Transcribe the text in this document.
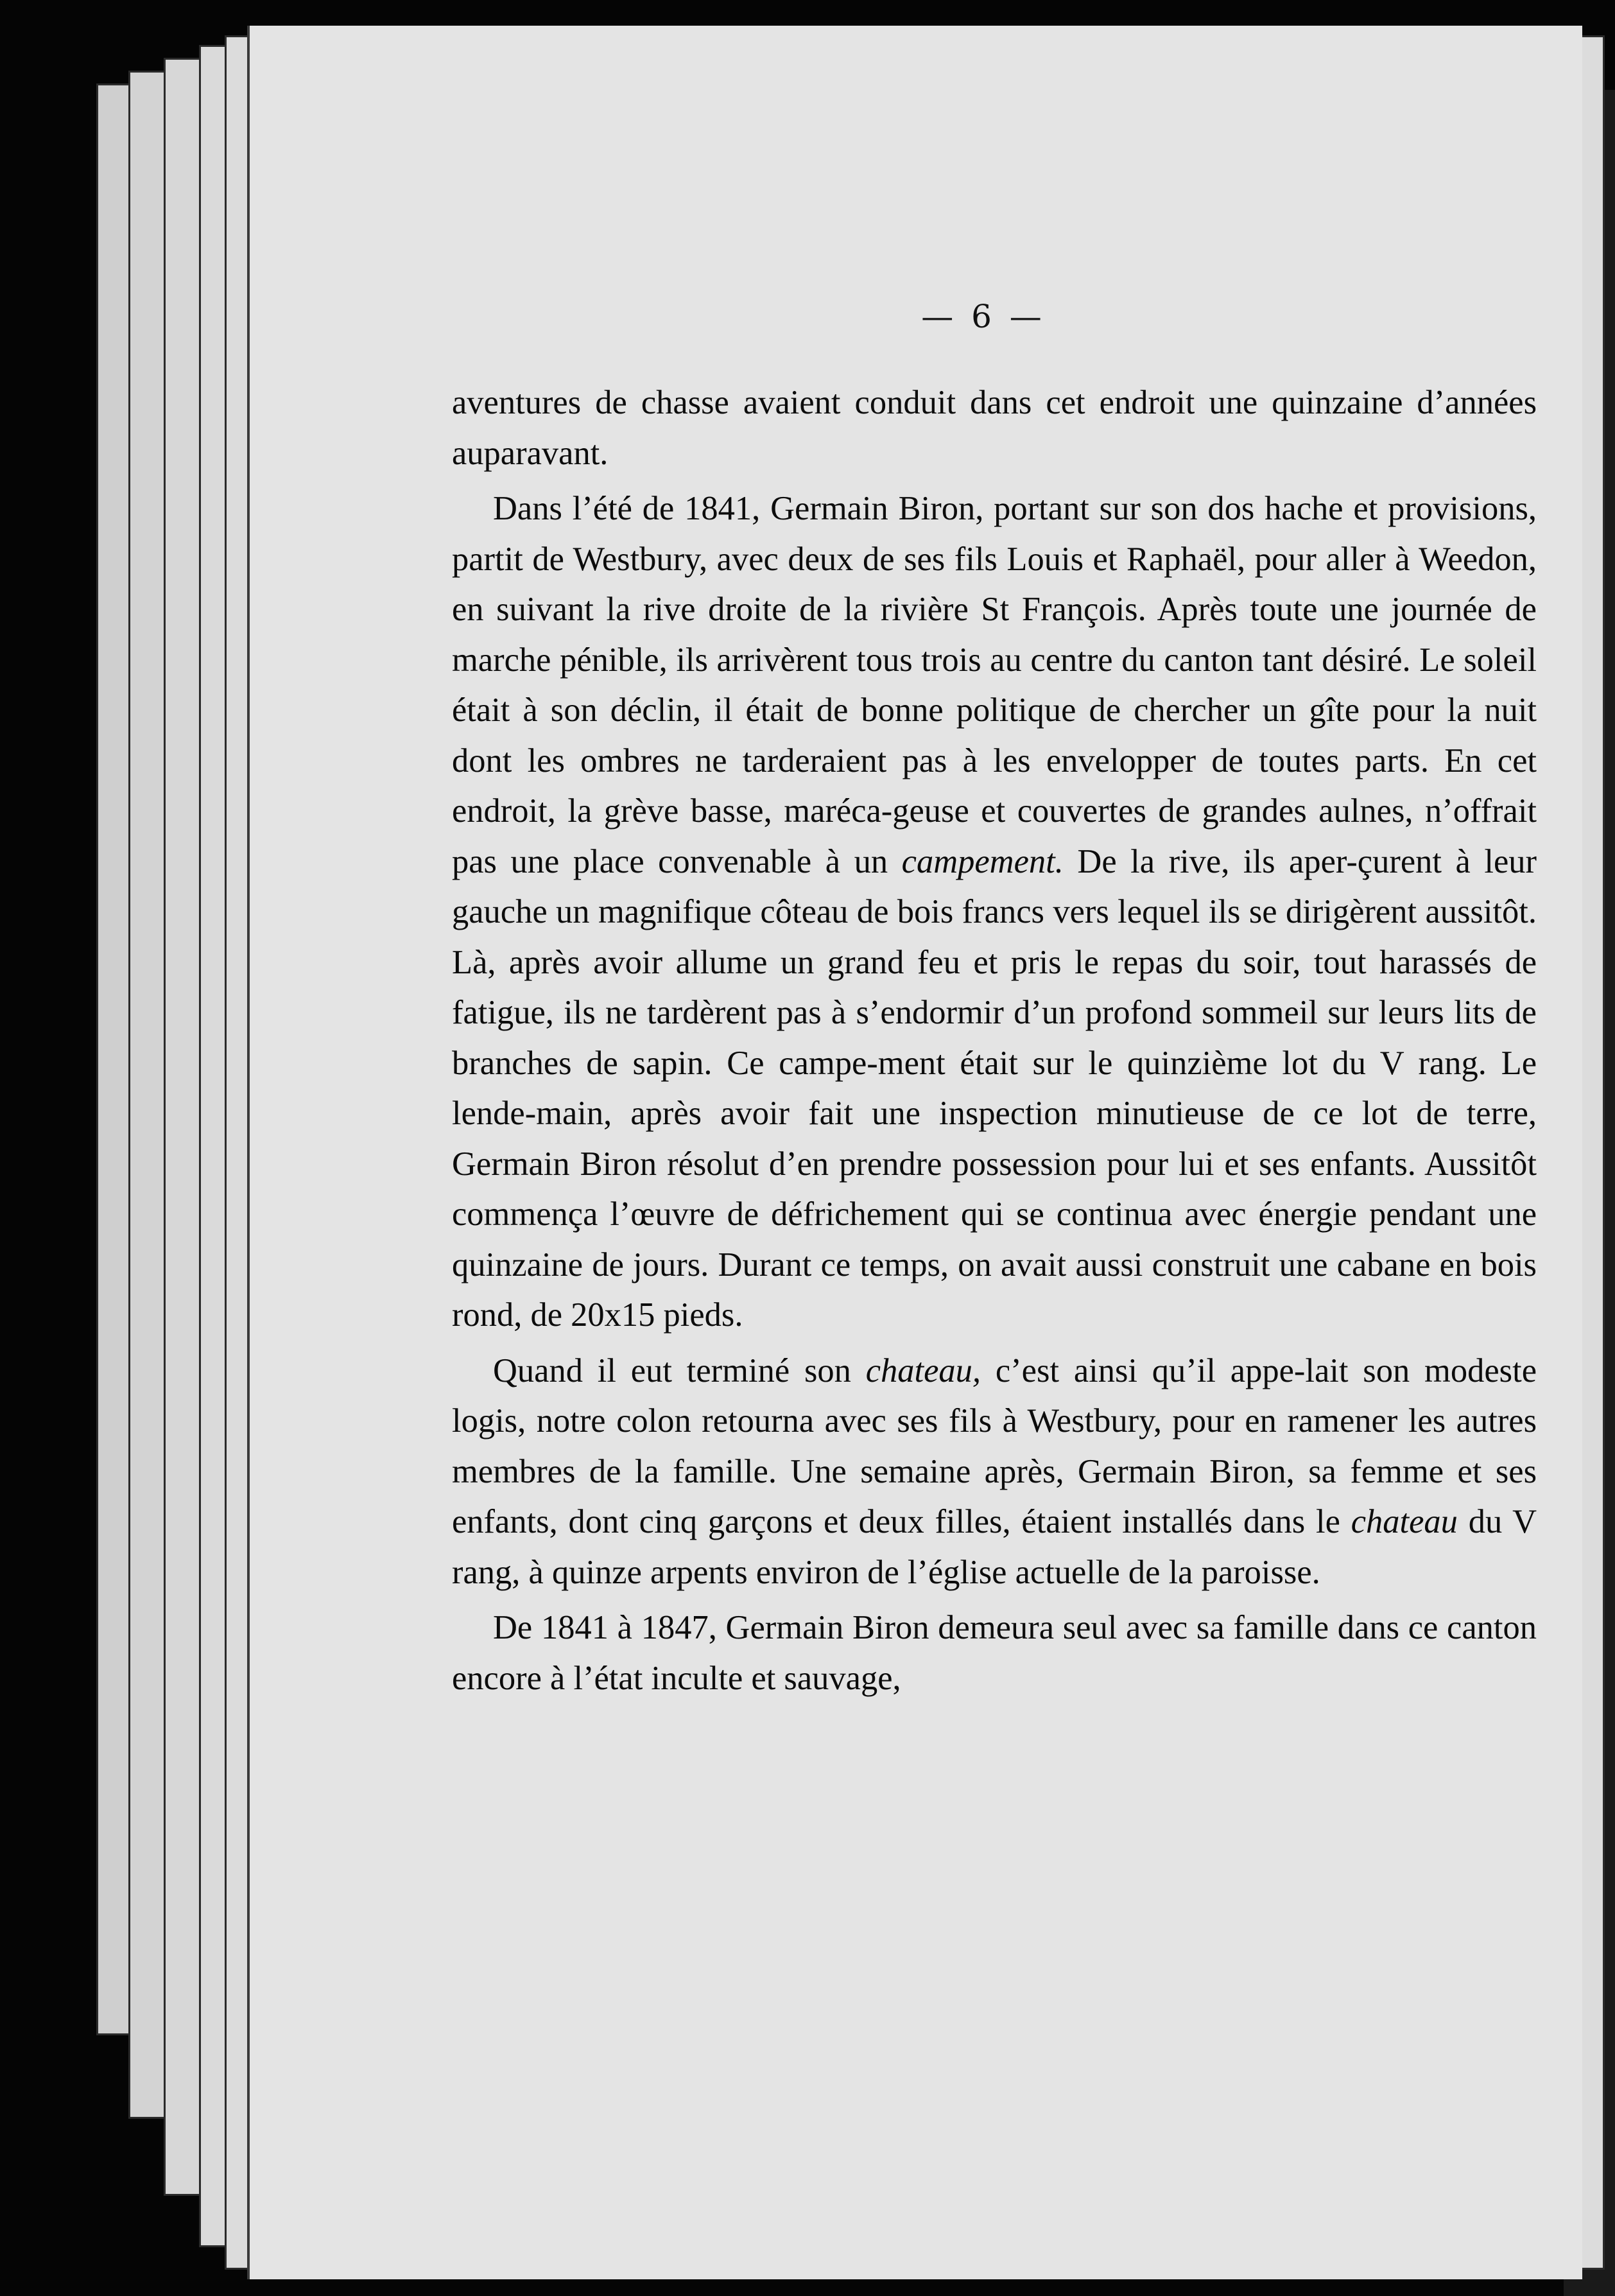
— 6 —

aventures de chasse avaient conduit dans cet endroit une quinzaine d’années auparavant.

Dans l’été de 1841, Germain Biron, portant sur son dos hache et provisions, partit de Westbury, avec deux de ses fils Louis et Raphaël, pour aller à Weedon, en suivant la rive droite de la rivière St François. Après toute une journée de marche pénible, ils arrivèrent tous trois au centre du canton tant désiré. Le soleil était à son déclin, il était de bonne politique de chercher un gîte pour la nuit dont les ombres ne tarderaient pas à les envelopper de toutes parts. En cet endroit, la grève basse, maréca-geuse et couvertes de grandes aulnes, n’offrait pas une place convenable à un campement. De la rive, ils aper-çurent à leur gauche un magnifique côteau de bois francs vers lequel ils se dirigèrent aussitôt. Là, après avoir allume un grand feu et pris le repas du soir, tout harassés de fatigue, ils ne tardèrent pas à s’endormir d’un profond sommeil sur leurs lits de branches de sapin. Ce campe-ment était sur le quinzième lot du V rang. Le lende-main, après avoir fait une inspection minutieuse de ce lot de terre, Germain Biron résolut d’en prendre possession pour lui et ses enfants. Aussitôt commença l’œuvre de défrichement qui se continua avec énergie pendant une quinzaine de jours. Durant ce temps, on avait aussi construit une cabane en bois rond, de 20x15 pieds.

Quand il eut terminé son chateau, c’est ainsi qu’il appe-lait son modeste logis, notre colon retourna avec ses fils à Westbury, pour en ramener les autres membres de la famille. Une semaine après, Germain Biron, sa femme et ses enfants, dont cinq garçons et deux filles, étaient installés dans le chateau du V rang, à quinze arpents environ de l’église actuelle de la paroisse.

De 1841 à 1847, Germain Biron demeura seul avec sa famille dans ce canton encore à l’état inculte et sauvage,
